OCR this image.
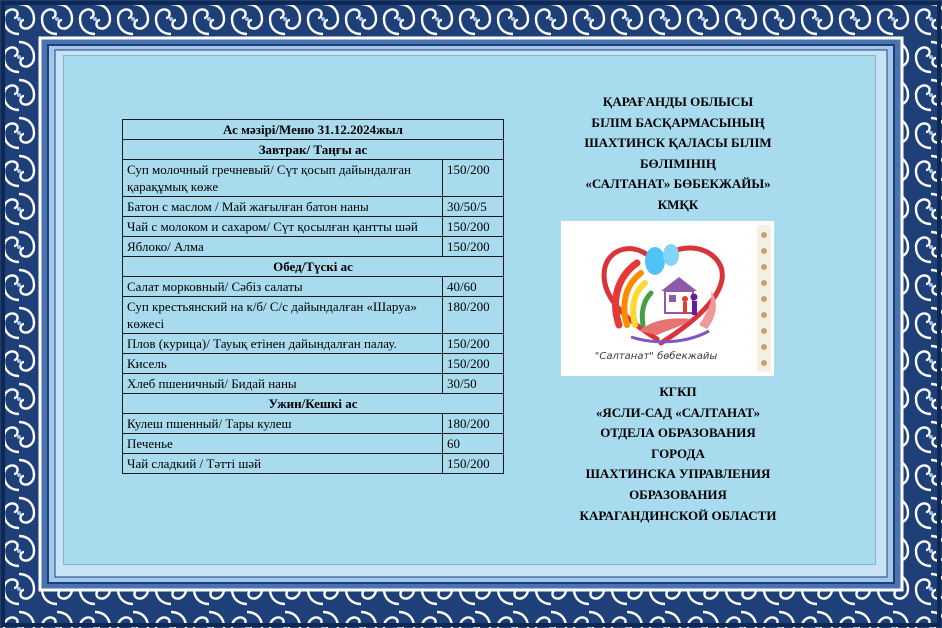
Ас мәзірі/Меню 31.12.2024жыл	
Завтрак/ Таңғы ас	
Суп молочный гречневый/ Сүт қосып дайындалған қарақұмық көже	150/200
Батон с маслом / Май жағылған батон наны	30/50/5
Чай с молоком и сахаром/ Сүт қосылған қантты шәй	150/200
Яблоко/ Алма	150/200
Обед/Түскі ас	
Салат морковный/ Сәбіз салаты	40/60
Суп крестьянский на к/б/ С/с дайындалған «Шаруа» көжесі	180/200
Плов (курица)/ Тауық етінен дайындалған палау.	150/200
Кисель	150/200
Хлеб пшеничный/ Бидай наны	30/50
Ужин/Кешкі ас	
Кулеш пшенный/ Тары кулеш	180/200
Печенье	60
Чай сладкий / Тәтті шәй	150/200
ҚАРАҒАНДЫ ОБЛЫСЫ
БІЛІМ БАСҚАРМАСЫНЫҢ
ШАХТИНСК ҚАЛАСЫ БІЛІМ
БӨЛІМІНІҢ
«САЛТАНАТ» БӨБЕКЖАЙЫ»
КМҚК
"Салтанат" бөбекжайы
КГКП
«ЯСЛИ-САД «САЛТАНАТ»
ОТДЕЛА ОБРАЗОВАНИЯ
ГОРОДА
ШАХТИНСКА УПРАВЛЕНИЯ
ОБРАЗОВАНИЯ
КАРАГАНДИНСКОЙ ОБЛАСТИ
